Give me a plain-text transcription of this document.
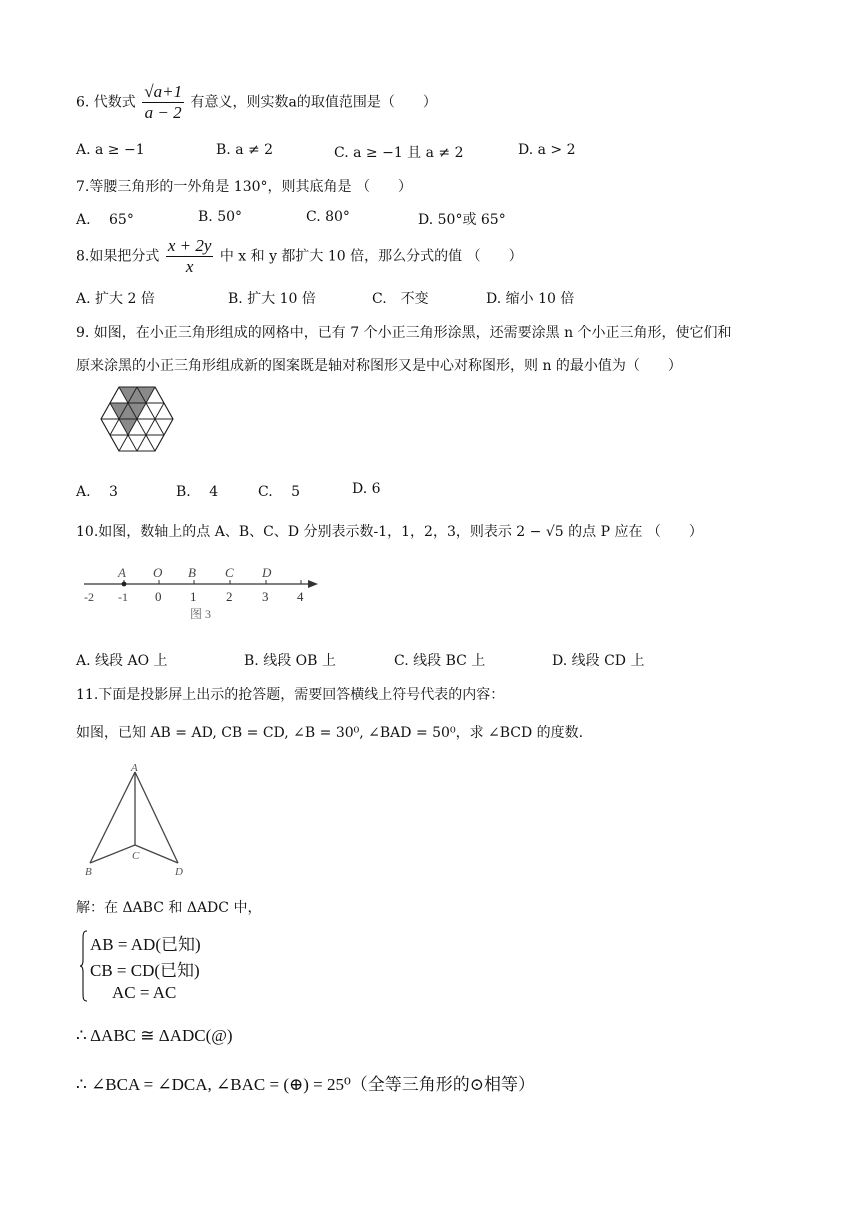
6. 代数式 $\frac{√a+1}{a - 2}$ 有意义，则实数a的取值范围是（　　）
A. a ≥ −1	B. a ≠ 2	C. a ≥ −1 且 a ≠ 2	D. a > 2
7.等腰三角形的一外角是 130°，则其底角是 （　　）
A.　 65°	B. 50°	C. 80°	D. 50°或 65°
8.如果把分式 $\frac{x + 2y}{x}$ 中 x 和 y 都扩大 10 倍，那么分式的值 （　　）
A. 扩大 2 倍	B. 扩大 10 倍	C.　不变	D. 缩小 10 倍
9. 如图，在小正三角形组成的网格中，已有 7 个小正三角形涂黑，还需要涂黑 n 个小正三角形，使它们和
原来涂黑的小正三角形组成新的图案既是轴对称图形又是中心对称图形，则 n 的最小值为（　　）
A.　 3	B.　 4	C.　 5	D. 6
10.如图，数轴上的点 A、B、C、D 分别表示数-1，1，2，3，则表示 2 − √5 的点 P 应在 （　　）
A O B C D
-2 -1 0 1 2 3 4
图 3
A. 线段 AO 上	B. 线段 OB 上	C. 线段 BC 上	D. 线段 CD 上
11.下面是投影屏上出示的抢答题，需要回答横线上符号代表的内容：
如图，已知 AB = AD, CB = CD, ∠B = 30⁰, ∠BAD = 50⁰，求 ∠BCD 的度数.
A
B
C
D
解：在 ΔABC 和 ΔADC 中，
AB = AD(已知)
CB = CD(已知)
AC = AC
∴ ΔABC ≅ ΔADC(@)
∴ ∠BCA = ∠DCA, ∠BAC = (⊕) = 25⁰（全等三角形的⊙相等）
